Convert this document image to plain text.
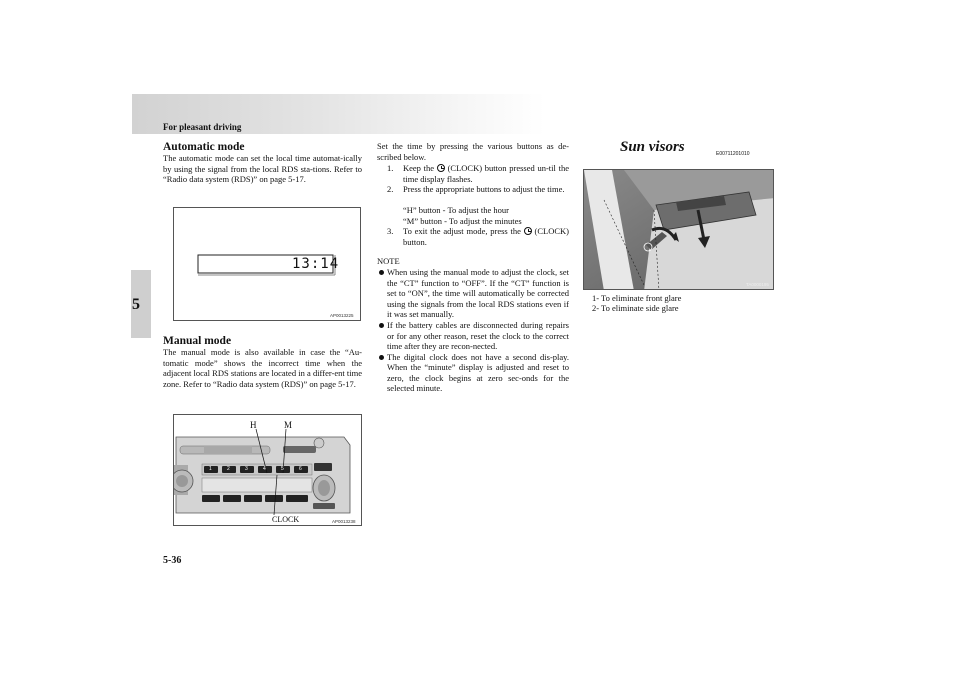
For pleasant driving
5
Automatic mode

The automatic mode can set the local time automat-ically by using the signal from the local RDS sta-tions. Refer to “Radio data system (RDS)” on page 5-17.

13:14
AP0013225
Manual mode

The manual mode is also available in case the “Au-tomatic mode” shows the incorrect time when the adjacent local RDS stations are located in a differ-ent time zone. Refer to “Radio data system (RDS)” on page 5-17.

H	M
1	2	3	4	5	6
CLOCK	AP0013238

Set the time by pressing the various buttons as de-scribed below.

1. Keep the (CLOCK) button pressed un-til the time display flashes.
2. Press the appropriate buttons to adjust the time.
“H” button - To adjust the hour
“M” button - To adjust the minutes
3. To exit the adjust mode, press the (CLOCK) button.
NOTE
When using the manual mode to adjust the clock, set the “CT” function to “OFF”. If the “CT” function is set to “ON”, the time will automatically be corrected using the signals from the local RDS stations even if it was set manually.
If the battery cables are disconnected during repairs or for any other reason, reset the clock to the correct time after they are recon-nected.
The digital clock does not have a second dis-play. When the “minute” display is adjusted and reset to zero, the clock begins at zero sec-onds for the selected minute.
Sun visors	E00711201010
TA0000195
1- To eliminate front glare
2- To eliminate side glare
5-36
